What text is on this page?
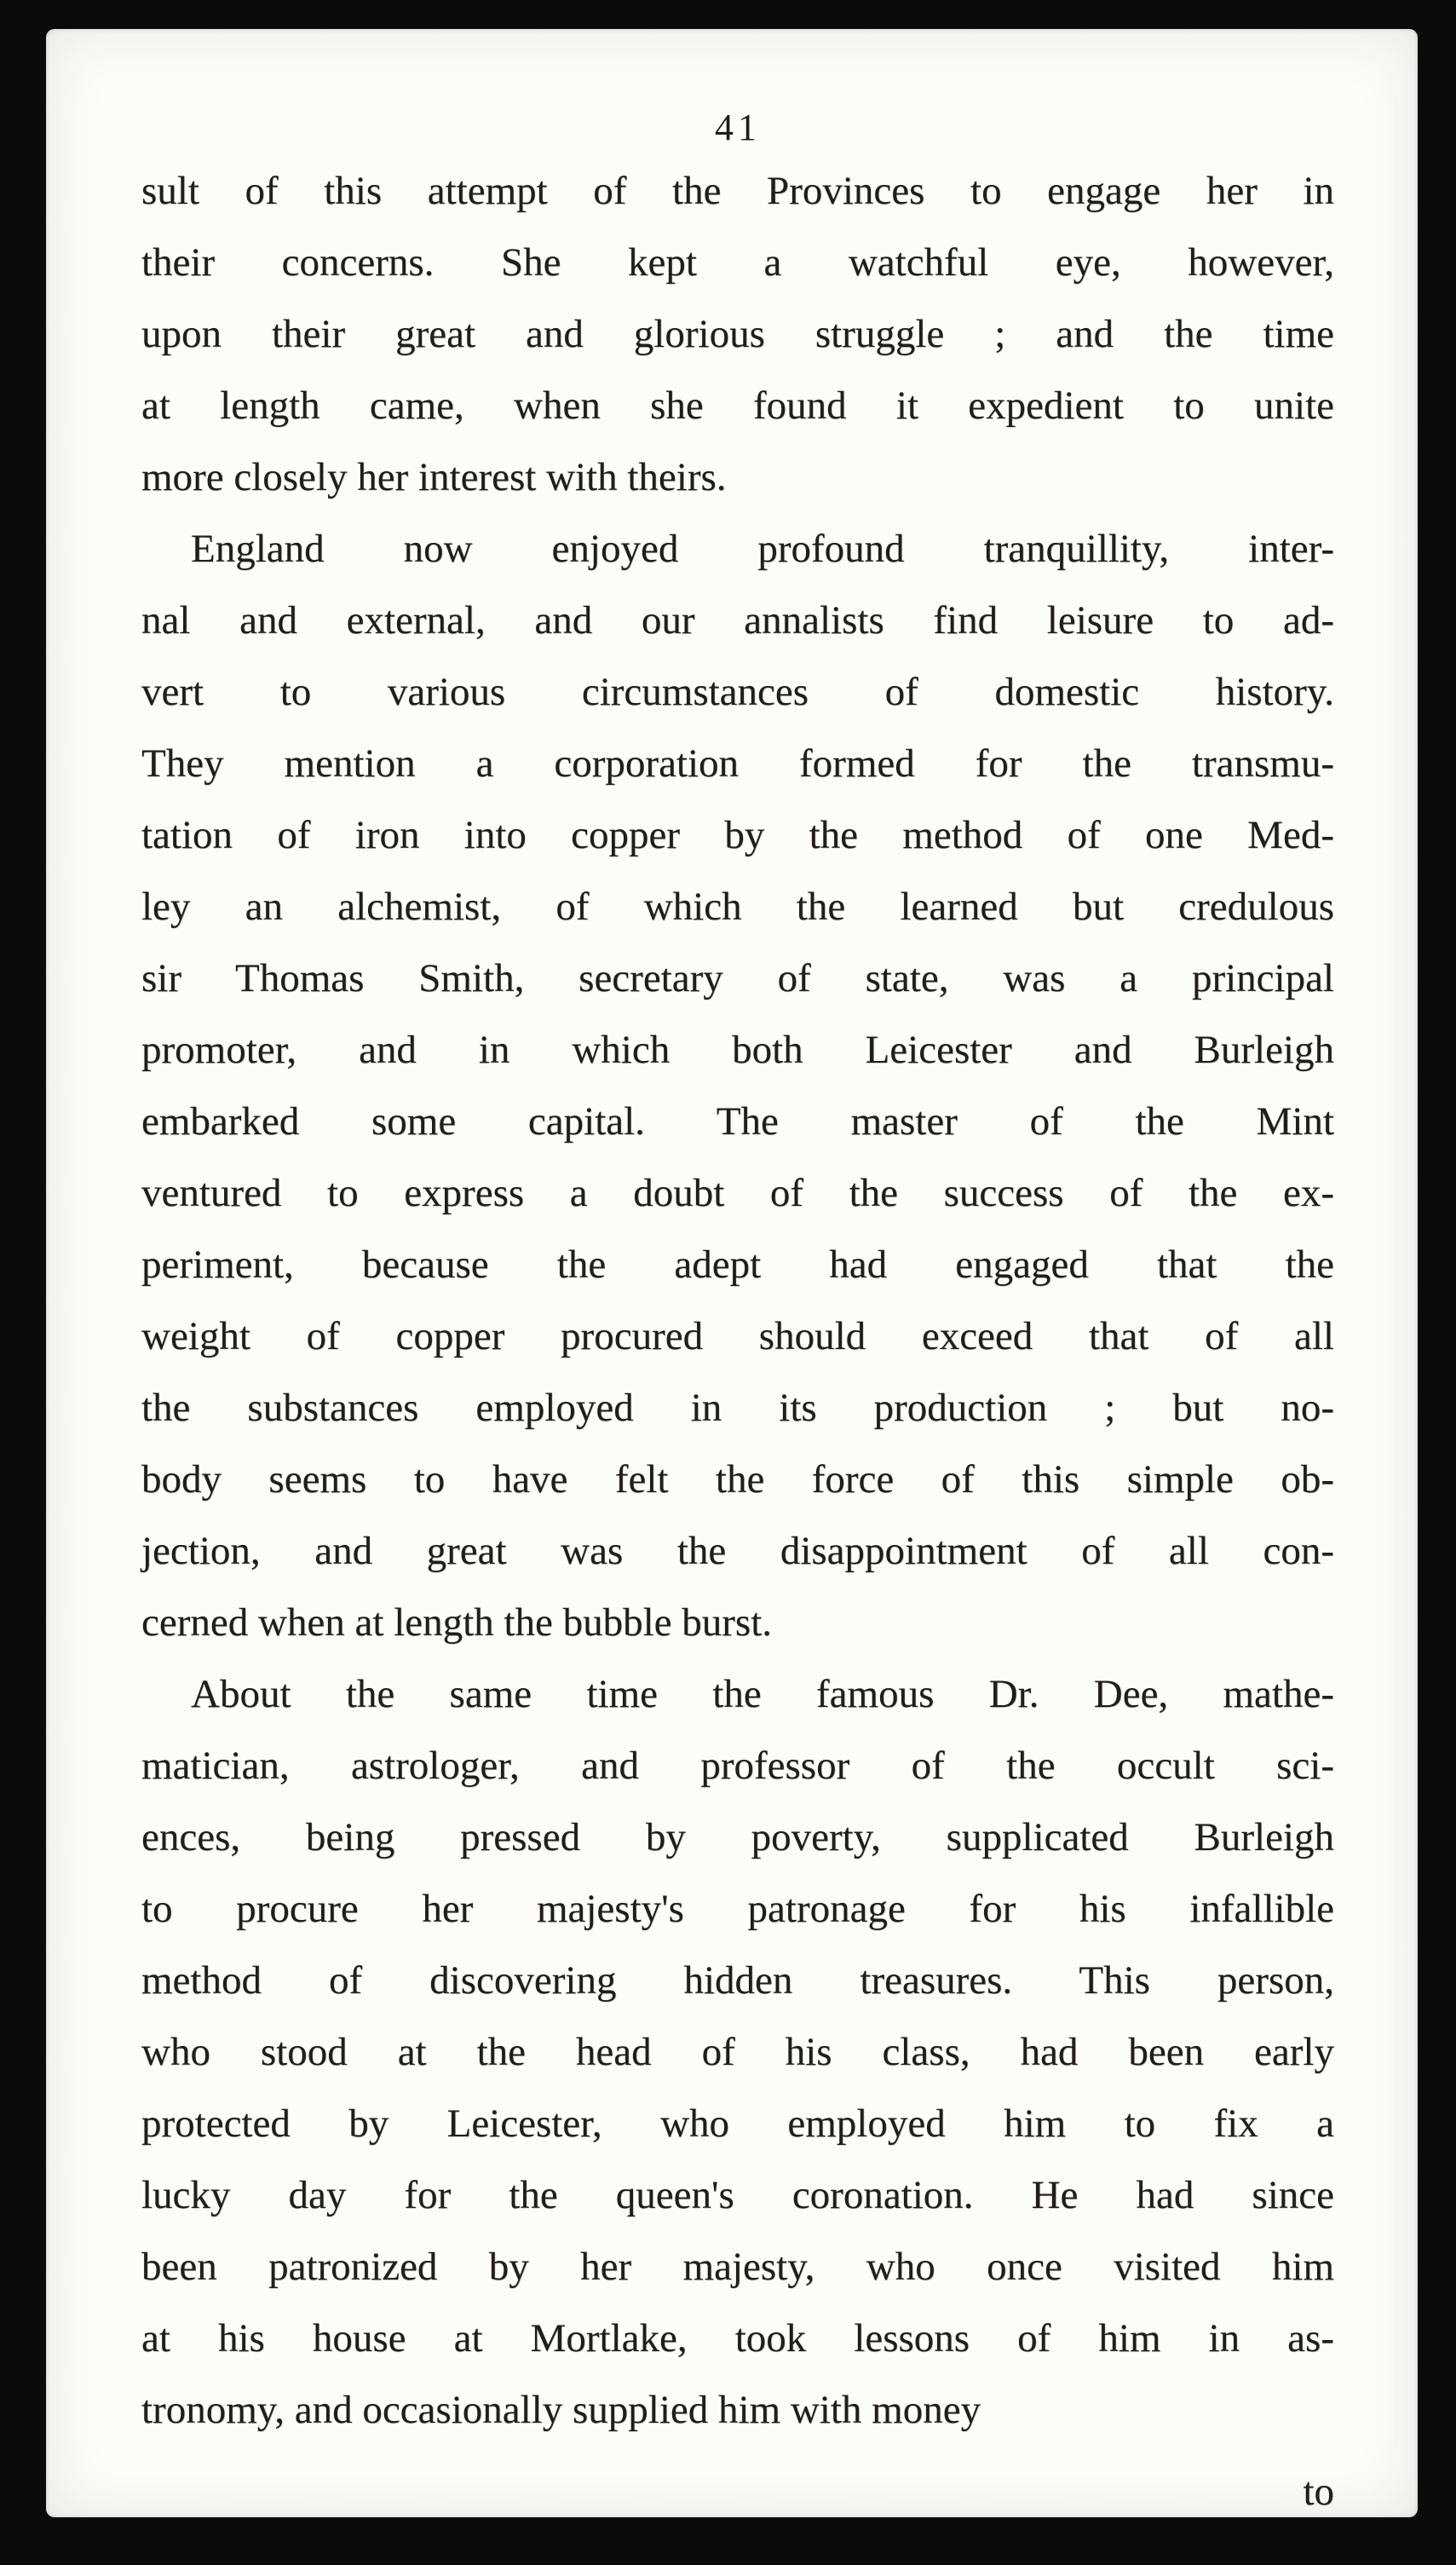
41
sult of this attempt of the Provinces to engage her in
their concerns. She kept a watchful eye, however,
upon their great and glorious struggle ; and the time
at length came, when she found it expedient to unite
more closely her interest with theirs.
England now enjoyed profound tranquillity, inter-
nal and external, and our annalists find leisure to ad-
vert to various circumstances of domestic history.
They mention a corporation formed for the transmu-
tation of iron into copper by the method of one Med-
ley an alchemist, of which the learned but credulous
sir Thomas Smith, secretary of state, was a principal
promoter, and in which both Leicester and Burleigh
embarked some capital. The master of the Mint
ventured to express a doubt of the success of the ex-
periment, because the adept had engaged that the
weight of copper procured should exceed that of all
the substances employed in its production ; but no-
body seems to have felt the force of this simple ob-
jection, and great was the disappointment of all con-
cerned when at length the bubble burst.
About the same time the famous Dr. Dee, mathe-
matician, astrologer, and professor of the occult sci-
ences, being pressed by poverty, supplicated Burleigh
to procure her majesty's patronage for his infallible
method of discovering hidden treasures. This person,
who stood at the head of his class, had been early
protected by Leicester, who employed him to fix a
lucky day for the queen's coronation. He had since
been patronized by her majesty, who once visited him
at his house at Mortlake, took lessons of him in as-
tronomy, and occasionally supplied him with money
to
